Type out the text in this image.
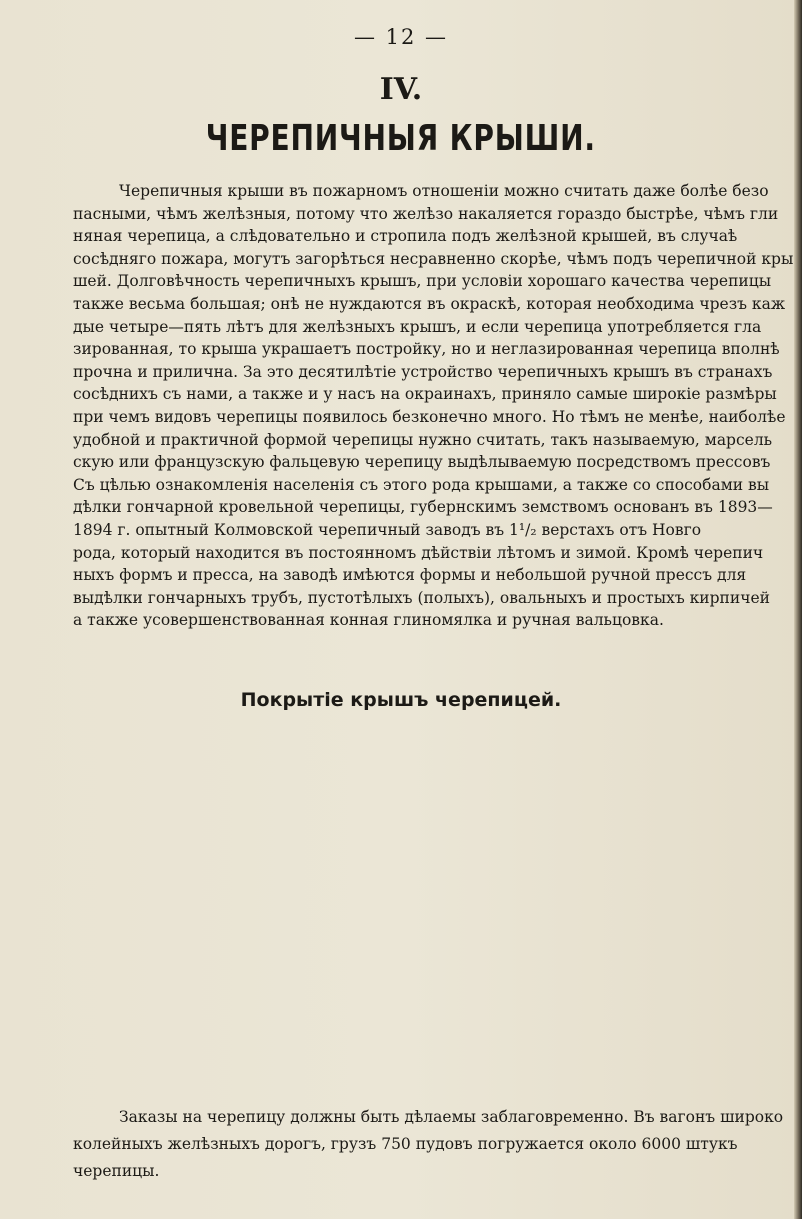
— 12 —
IV.
ЧЕРЕПИЧНЫЯ КРЫШИ.
Черепичныя крыши въ пожарномъ отношенiи можно считать даже болѣе безо
пасными, чѣмъ желѣзныя, потому что желѣзо накаляется гораздо быстрѣе, чѣмъ гли
няная черепица, а слѣдовательно и стропила подъ желѣзной крышей, въ случаѣ
сосѣдняго пожара, могутъ загорѣться несравненно скорѣе, чѣмъ подъ черепичной кры
шей. Долговѣчность черепичныхъ крышъ, при условiи хорошаго качества черепицы
также весьма большая; онѣ не нуждаются въ окраскѣ, которая необходима чрезъ каж
дые четыре—пять лѣтъ для желѣзныхъ крышъ, и если черепица употребляется гла
зированная, то крыша украшаетъ постройку, но и неглазированная черепица вполнѣ
прочна и прилична. За это десятилѣтiе устройство черепичныхъ крышъ въ странахъ
сосѣднихъ съ нами, а также и у насъ на окраинахъ, приняло самые широкiе размѣры
при чемъ видовъ черепицы появилось безконечно много. Но тѣмъ не менѣе, наиболѣе
удобной и практичной формой черепицы нужно считать, такъ называемую, марсель
скую или французскую фальцевую черепицу выдѣлываемую посредствомъ прессовъ
Съ цѣлью ознакомленiя населенiя съ этого рода крышами, а также со способами вы
дѣлки гончарной кровельной черепицы, губернскимъ земствомъ основанъ въ 1893—
1894 г. опытный Колмовской черепичный заводъ въ 1¹/₂ верстахъ отъ Новго
рода, который находится въ постоянномъ дѣйствiи лѣтомъ и зимой. Кромѣ черепич
ныхъ формъ и пресса, на заводѣ имѣются формы и небольшой ручной прессъ для
выдѣлки гончарныхъ трубъ, пустотѣлыхъ (полыхъ), овальныхъ и простыхъ кирпичей
а также усовершенствованная конная глиномялка и ручная вальцовка.
Покрытiе крышъ черепицей.

Заказы на черепицу должны быть дѣлаемы заблаговременно. Въ вагонъ широко
колейныхъ желѣзныхъ дорогъ, грузъ 750 пудовъ погружается около 6000 штукъ
черепицы.
